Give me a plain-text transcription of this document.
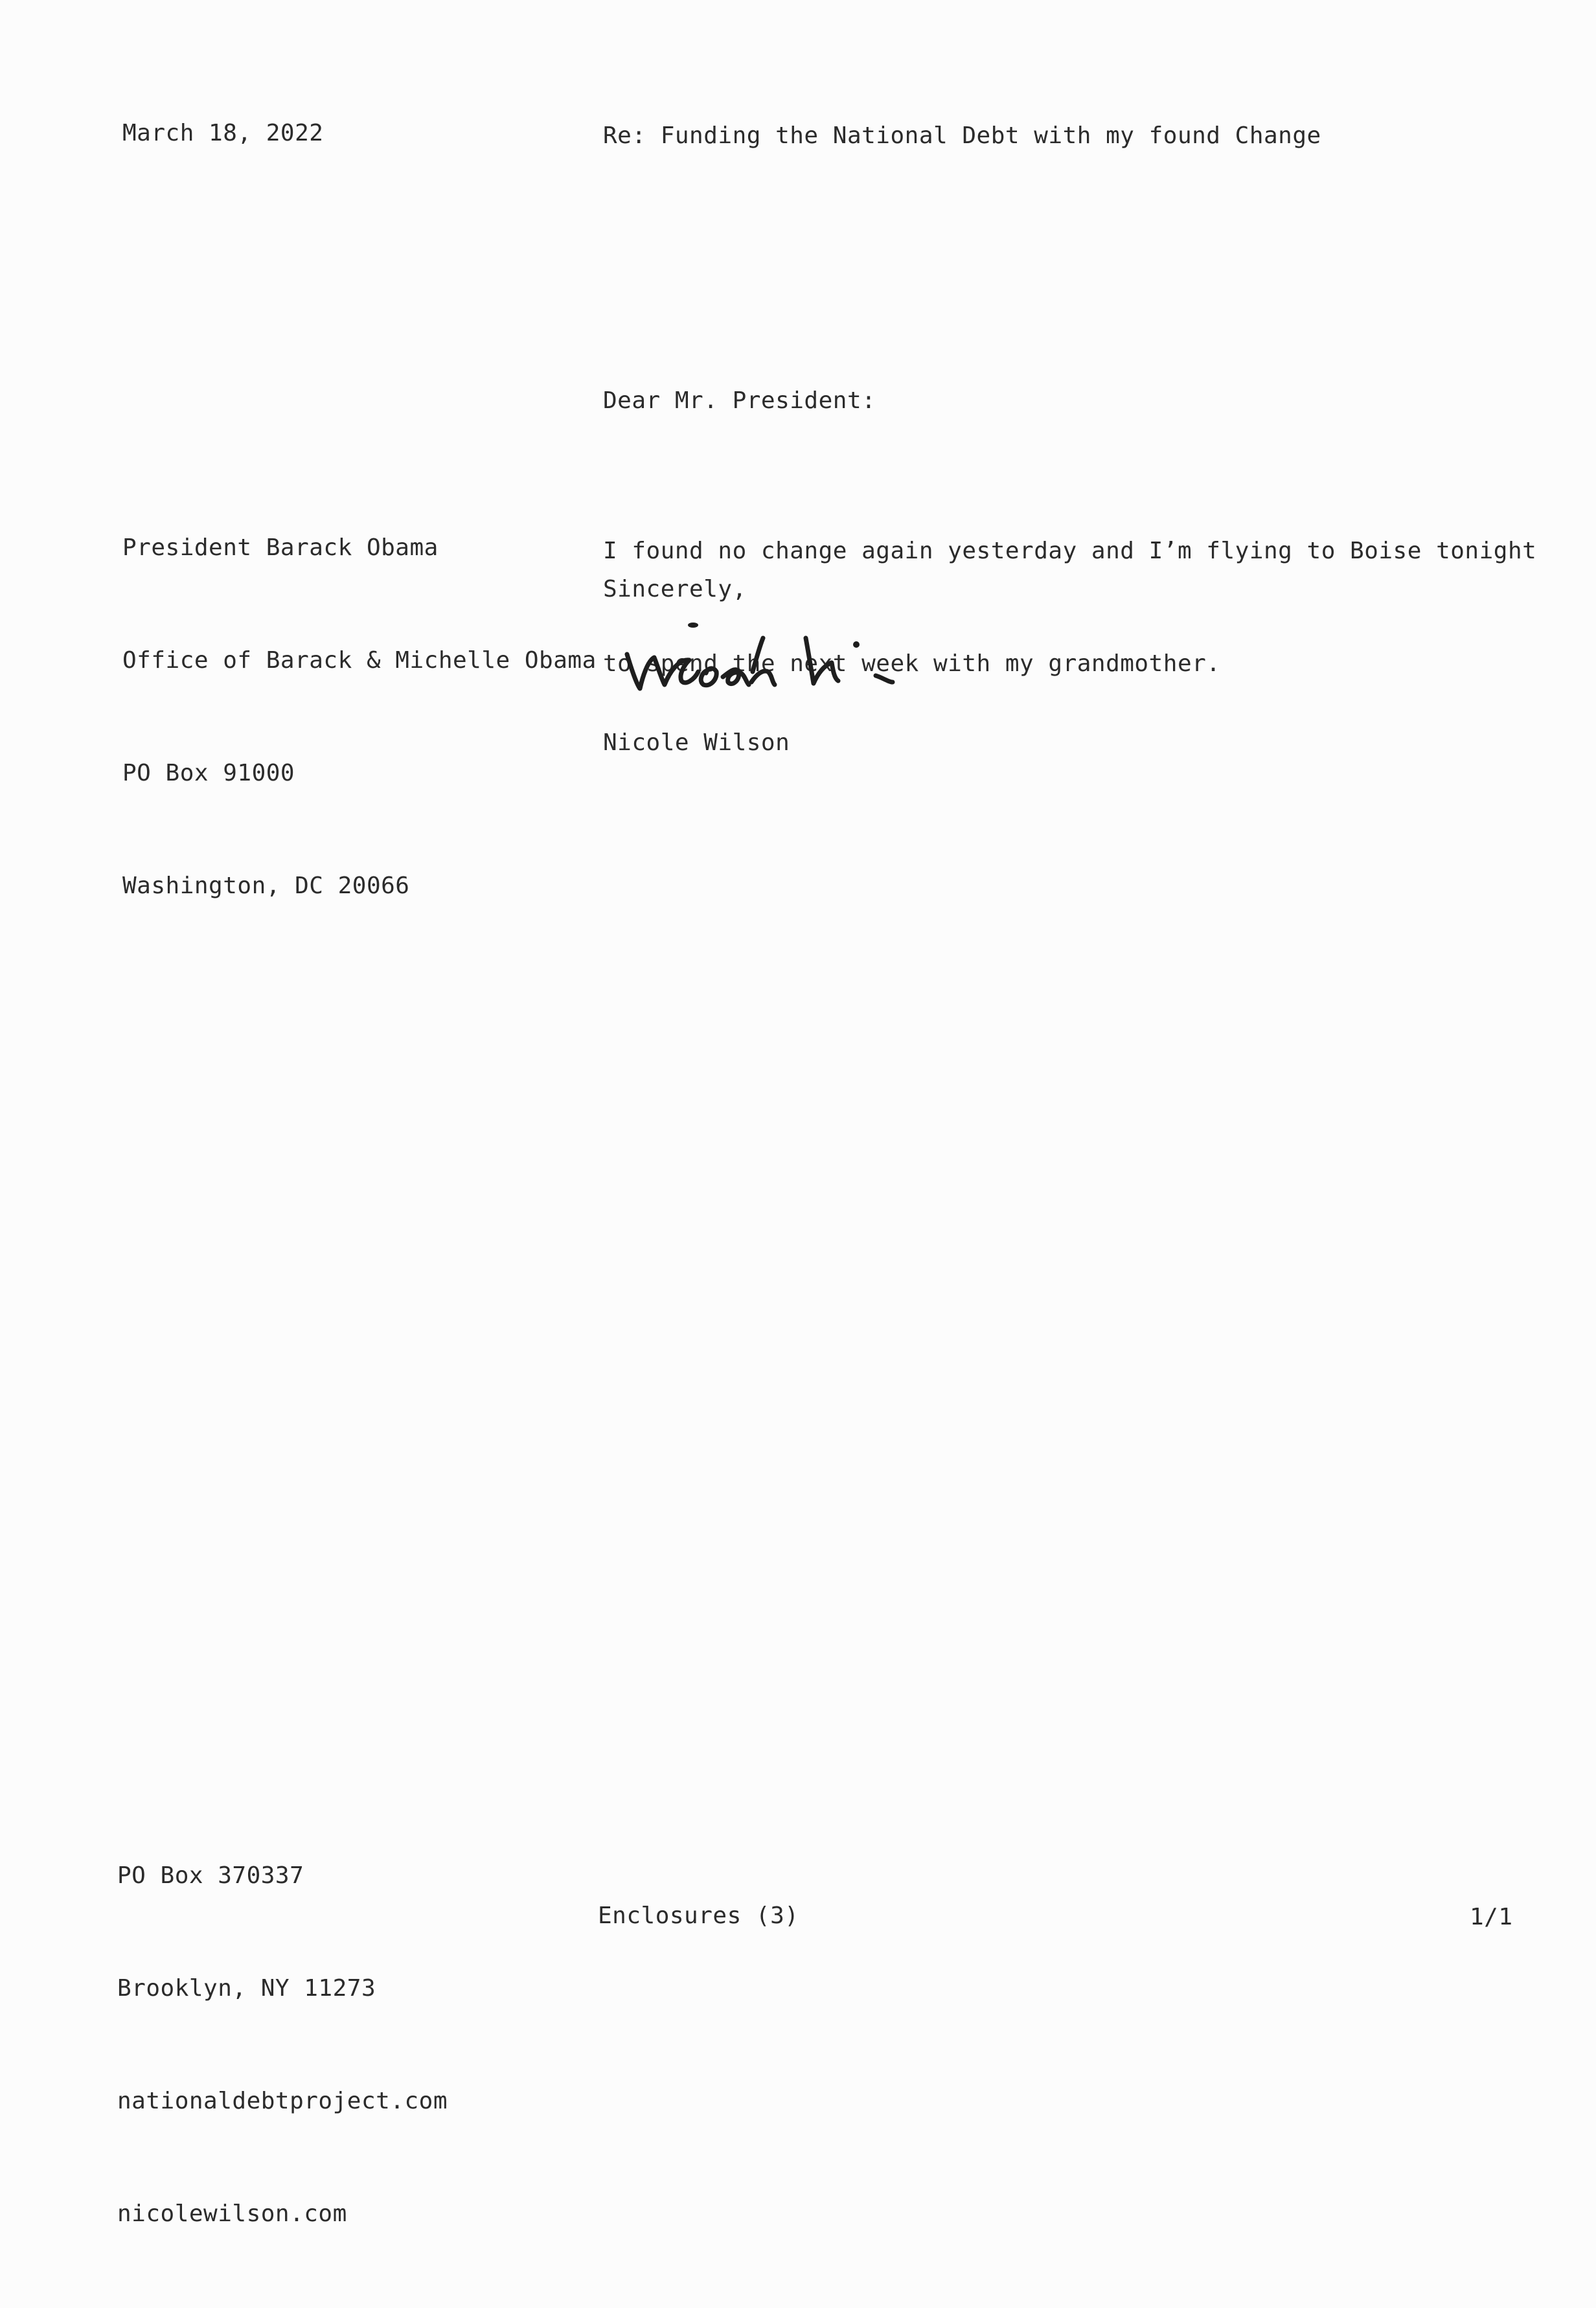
March 18, 2022	Re: Funding the National Debt with my found Change
Dear Mr. President:

President Barack Obama

Office of Barack & Michelle Obama

PO Box 91000

Washington, DC 20066

I found no change again yesterday and I’m flying to Boise tonight

to spend the next week with my grandmother.

Sincerely,
Nicole Wilson

PO Box 370337

Brooklyn, NY 11273

nationaldebtproject.com

nicolewilson.com

Enclosures (3)	1/1
